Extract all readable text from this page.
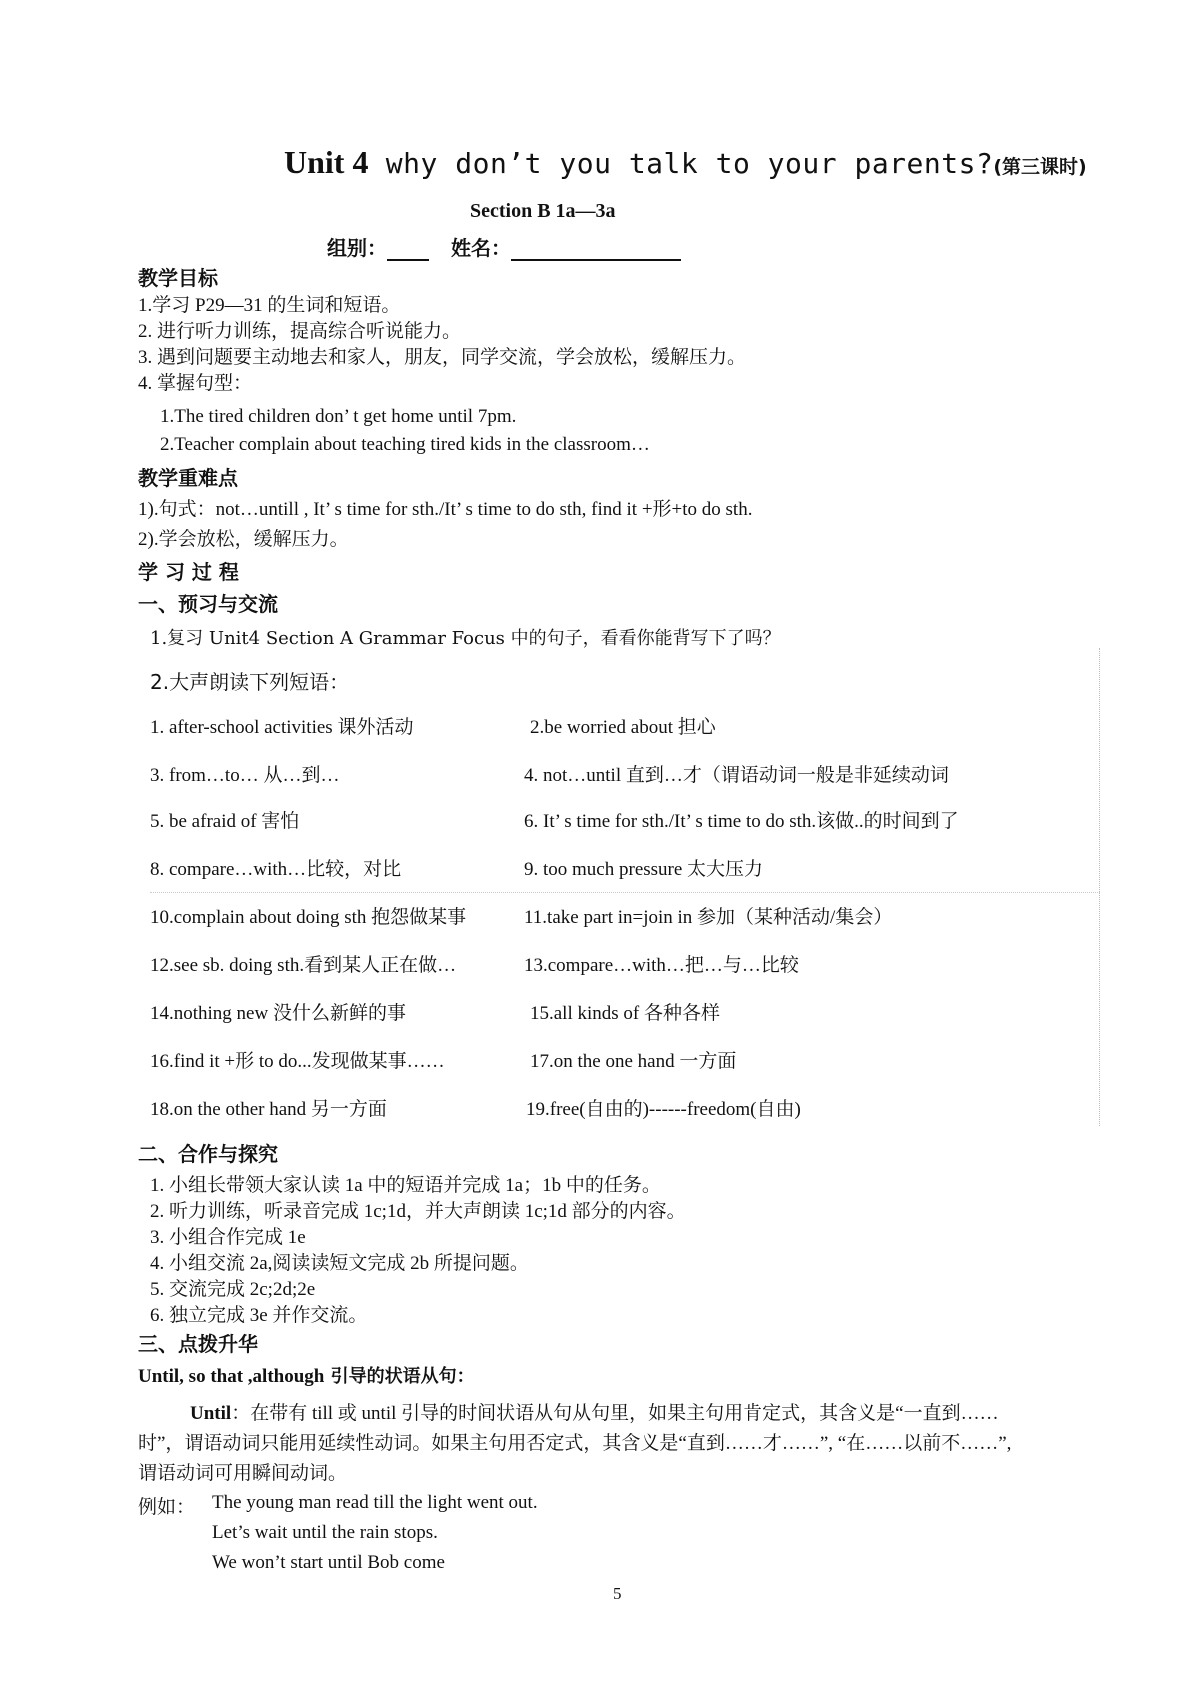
Unit 4 why don’t you talk to your parents?(第三课时)
Section B 1a—3a
组别：	姓名：
教学目标
1.学习 P29—31 的生词和短语。
2. 进行听力训练，提高综合听说能力。
3. 遇到问题要主动地去和家人，朋友，同学交流，学会放松，缓解压力。
4. 掌握句型：
1.The tired children don’ t get home until 7pm.
2.Teacher complain about teaching tired kids in the classroom…
教学重难点
1).句式：not…untill , It’ s time for sth./It’ s time to do sth, find it +形+to do sth.
2).学会放松，缓解压力。
学 习 过 程
一、预习与交流
1.复习 Unit4 Section A Grammar Focus 中的句子，看看你能背写下了吗？
2.大声朗读下列短语：
1. after-school activities 课外活动	2.be worried about 担心
3. from…to… 从…到…	4. not…until 直到…才（谓语动词一般是非延续动词
5. be afraid of 害怕	6. It’ s time for sth./It’ s time to do sth.该做..的时间到了
8. compare…with…比较，对比	9. too much pressure 太大压力
10.complain about doing sth 抱怨做某事	11.take part in=join in 参加（某种活动/集会）
12.see sb. doing sth.看到某人正在做…	13.compare…with…把…与…比较
14.nothing new 没什么新鲜的事	15.all kinds of 各种各样
16.find it +形 to do...发现做某事……	17.on the one hand 一方面
18.on the other hand 另一方面	19.free(自由的)------freedom(自由)
二、合作与探究
1. 小组长带领大家认读 1a 中的短语并完成 1a；1b 中的任务。
2. 听力训练，听录音完成 1c;1d，并大声朗读 1c;1d 部分的内容。
3. 小组合作完成 1e
4. 小组交流 2a,阅读读短文完成 2b 所提问题。
5. 交流完成 2c;2d;2e
6. 独立完成 3e 并作交流。
三、点拨升华
Until, so that ,although 引导的状语从句：
Until：在带有 till 或 until 引导的时间状语从句从句里，如果主句用肯定式，其含义是“一直到……
时”，谓语动词只能用延续性动词。如果主句用否定式，其含义是“直到……才……”, “在……以前不……”,
谓语动词可用瞬间动词。
例如： The young man read till the light went out.
Let’s wait until the rain stops.
We won’t start until Bob come
5
